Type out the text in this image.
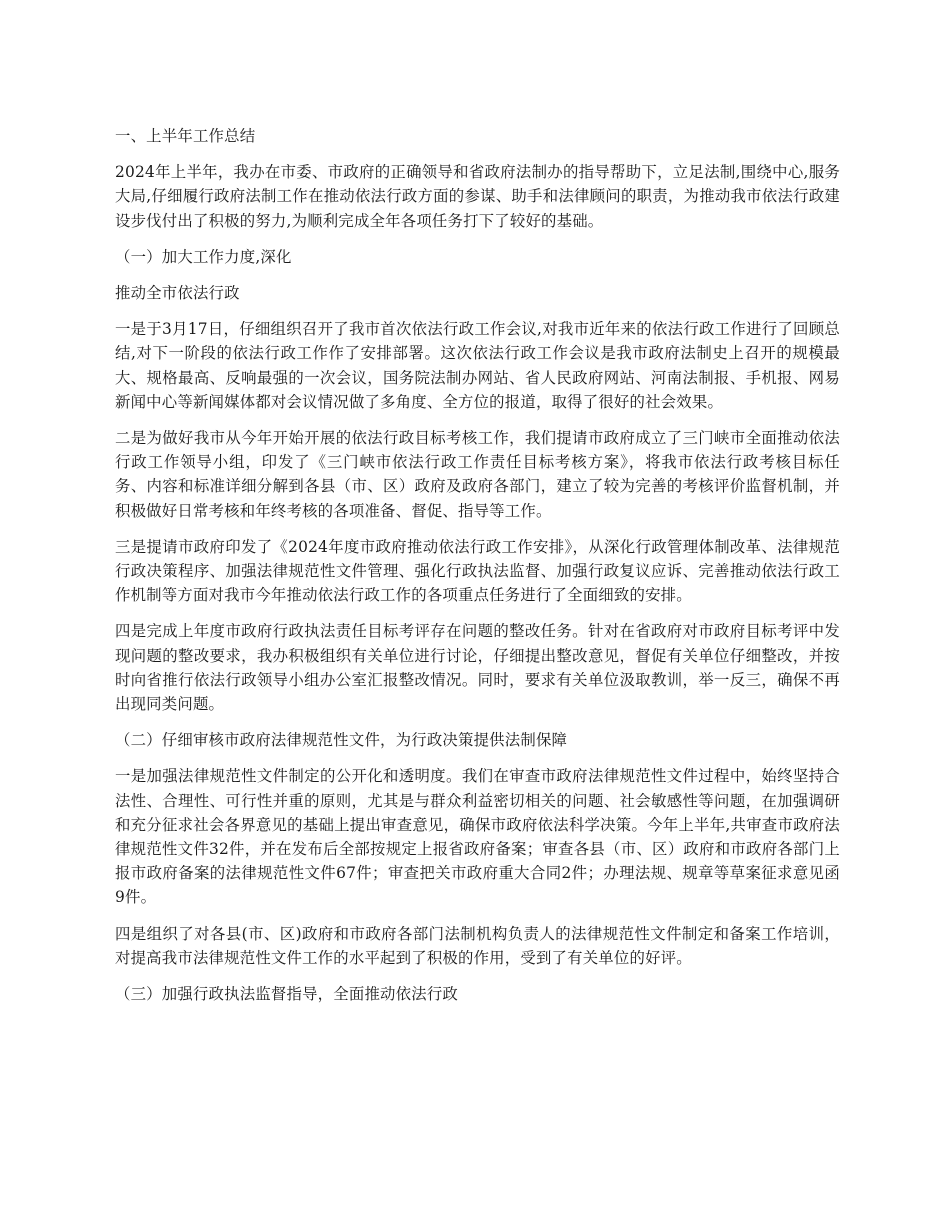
一、上半年工作总结

2024年上半年，我办在市委、市政府的正确领导和省政府法制办的指导帮助下，立足法制,围绕中心,服务大局,仔细履行政府法制工作在推动依法行政方面的参谋、助手和法律顾问的职责，为推动我市依法行政建设步伐付出了积极的努力,为顺利完成全年各项任务打下了较好的基础。

（一）加大工作力度,深化

推动全市依法行政

一是于3月17日，仔细组织召开了我市首次依法行政工作会议,对我市近年来的依法行政工作进行了回顾总结,对下一阶段的依法行政工作作了安排部署。这次依法行政工作会议是我市政府法制史上召开的规模最大、规格最高、反响最强的一次会议，国务院法制办网站、省人民政府网站、河南法制报、手机报、网易新闻中心等新闻媒体都对会议情况做了多角度、全方位的报道，取得了很好的社会效果。

二是为做好我市从今年开始开展的依法行政目标考核工作，我们提请市政府成立了三门峡市全面推动依法行政工作领导小组，印发了《三门峡市依法行政工作责任目标考核方案》，将我市依法行政考核目标任务、内容和标准详细分解到各县（市、区）政府及政府各部门，建立了较为完善的考核评价监督机制，并积极做好日常考核和年终考核的各项准备、督促、指导等工作。

三是提请市政府印发了《2024年度市政府推动依法行政工作安排》，从深化行政管理体制改革、法律规范行政决策程序、加强法律规范性文件管理、强化行政执法监督、加强行政复议应诉、完善推动依法行政工作机制等方面对我市今年推动依法行政工作的各项重点任务进行了全面细致的安排。

四是完成上年度市政府行政执法责任目标考评存在问题的整改任务。针对在省政府对市政府目标考评中发现问题的整改要求，我办积极组织有关单位进行讨论，仔细提出整改意见，督促有关单位仔细整改，并按时向省推行依法行政领导小组办公室汇报整改情况。同时，要求有关单位汲取教训，举一反三，确保不再出现同类问题。

（二）仔细审核市政府法律规范性文件，为行政决策提供法制保障

一是加强法律规范性文件制定的公开化和透明度。我们在审查市政府法律规范性文件过程中，始终坚持合法性、合理性、可行性并重的原则，尤其是与群众利益密切相关的问题、社会敏感性等问题，在加强调研和充分征求社会各界意见的基础上提出审查意见，确保市政府依法科学决策。今年上半年,共审查市政府法律规范性文件32件，并在发布后全部按规定上报省政府备案；审查各县（市、区）政府和市政府各部门上报市政府备案的法律规范性文件67件；审查把关市政府重大合同2件；办理法规、规章等草案征求意见函9件。

四是组织了对各县(市、区)政府和市政府各部门法制机构负责人的法律规范性文件制定和备案工作培训，对提高我市法律规范性文件工作的水平起到了积极的作用，受到了有关单位的好评。

（三）加强行政执法监督指导，全面推动依法行政
